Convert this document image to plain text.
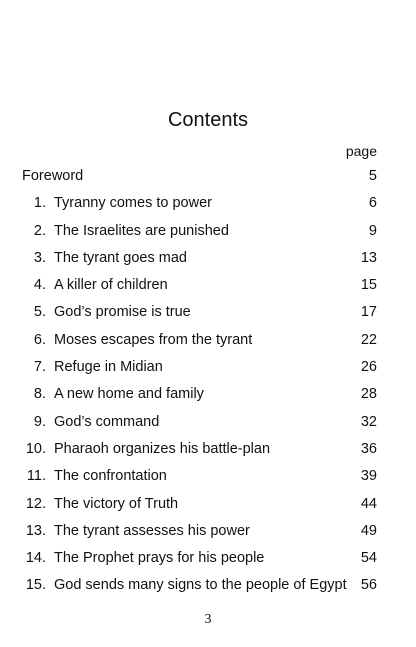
Contents
page
Foreword	5
1. Tyranny comes to power	6
2. The Israelites are punished	9
3. The tyrant goes mad	13
4. A killer of children	15
5. God’s promise is true	17
6. Moses escapes from the tyrant	22
7. Refuge in Midian	26
8. A new home and family	28
9. God’s command	32
10. Pharaoh organizes his battle-plan	36
11. The confrontation	39
12. The victory of Truth	44
13. The tyrant assesses his power	49
14. The Prophet prays for his people	54
15. God sends many signs to the people of Egypt 56
3
